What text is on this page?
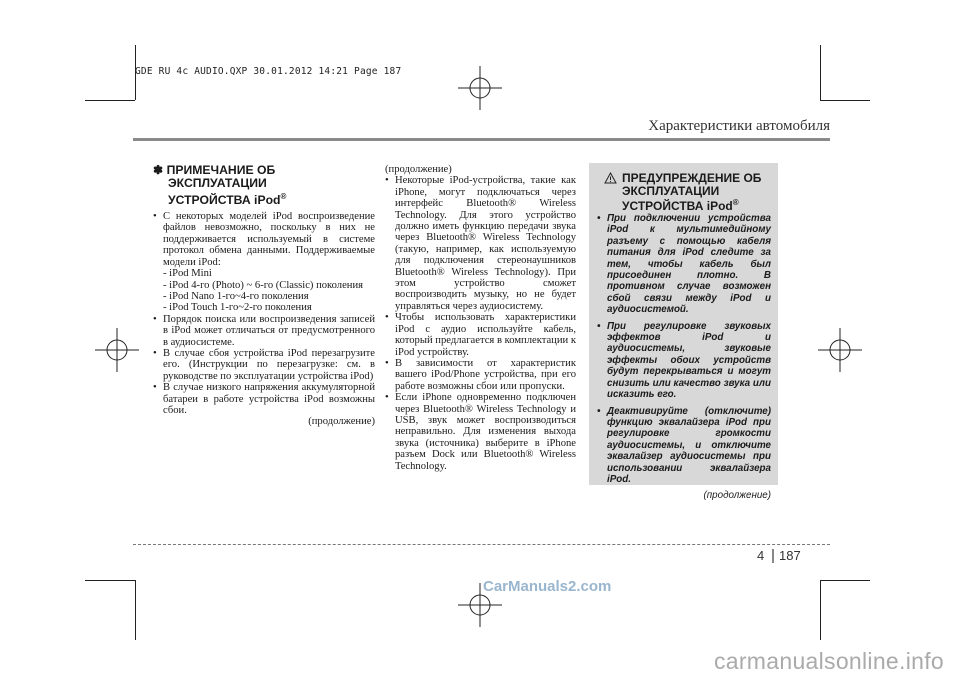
GDE RU 4c AUDIO.QXP 30.01.2012 14:21 Page 187
Характеристики автомобиля
✽ ПРИМЕЧАНИЕ ОБ
ЭКСПЛУАТАЦИИ
УСТРОЙСТВА iPod®
• С некоторых моделей iPod воспроизведение файлов невозможно, поскольку в них не поддерживается используемый в системе протокол обмена данными. Поддерживаемые модели iPod:
- iPod Mini
- iPod 4-го (Photo) ~ 6-го (Classic) поколения
- iPod Nano 1-го~4-го поколения
- iPod Touch 1-го~2-го поколения
• Порядок поиска или воспроизведения записей в iPod может отличаться от предусмотренного в аудиосистеме.
• В случае сбоя устройства iPod перезагрузите его. (Инструкции по перезагрузке: см. в руководстве по эксплуатации устройства iPod)
• В случае низкого напряжения аккумуляторной батареи в работе устройства iPod возможны сбои.
(продолжение)
(продолжение)
• Некоторые iPod-устройства, такие как iPhone, могут подключаться через интерфейс Bluetooth® Wireless Technology. Для этого устройство должно иметь функцию передачи звука через Bluetooth® Wireless Technology (такую, например, как используемую для подключения стереонаушников Bluetooth® Wireless Technology). При этом устройство сможет воспроизводить музыку, но не будет управляться через аудиосистему.
• Чтобы использовать характеристики iPod с аудио используйте кабель, который предлагается в комплектации к iPod устройству.
• В зависимости от характеристик вашего iPod/Phone устройства, при его работе возможны сбои или пропуски.
• Если iPhone одновременно подключен через Bluetooth® Wireless Technology и USB, звук может воспроизводиться неправильно. Для изменения выхода звука (источника) выберите в iPhone разъем Dock или Bluetooth® Wireless Technology.
ПРЕДУПРЕЖДЕНИЕ ОБ
ЭКСПЛУАТАЦИИ
УСТРОЙСТВА iPod®
• При подключении устройства iPod к мультимедийному разъему с помощью кабеля питания для iPod следите за тем, чтобы кабель был присоединен плотно. В противном случае возможен сбой связи между iPod и аудиосистемой.
• При регулировке звуковых эффектов iPod и аудиосистемы, звуковые эффекты обоих устройств будут перекрываться и могут снизить или качество звука или исказить его.
• Деактивируйте (отключите) функцию эквалайзера iPod при регулировке громкости аудиосистемы, и отключите эквалайзер аудиосистемы при использовании эквалайзера iPod.
(продолжение)
4 187
CarManuals2.com
carmanualsonline.info
